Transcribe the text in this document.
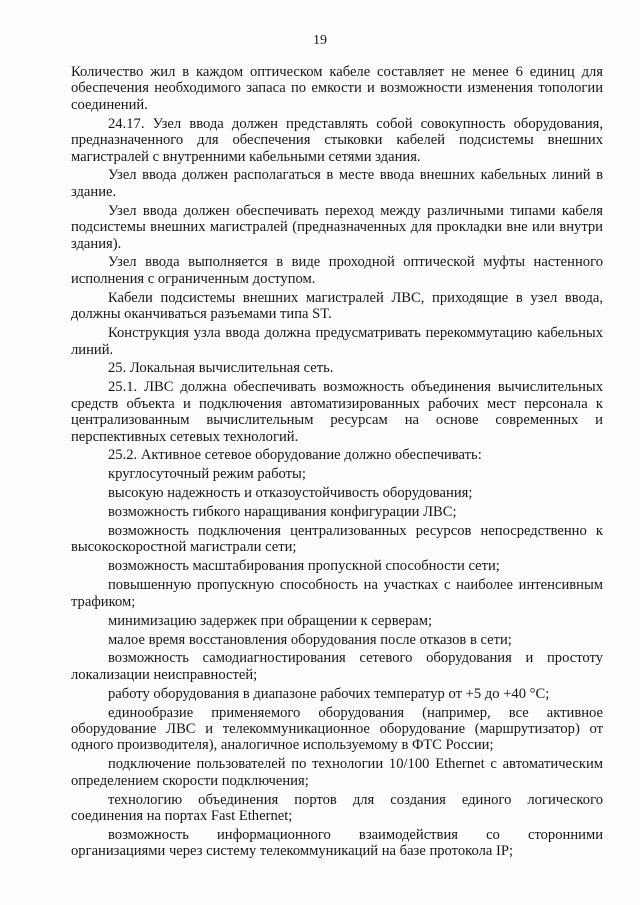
19

Количество жил в каждом оптическом кабеле составляет не менее 6 единиц для обеспечения необходимого запаса по емкости и возможности изменения топологии соединений.

24.17. Узел ввода должен представлять собой совокупность оборудования, предназначенного для обеспечения стыковки кабелей подсистемы внешних магистралей с внутренними кабельными сетями здания.

Узел ввода должен располагаться в месте ввода внешних кабельных линий в здание.

Узел ввода должен обеспечивать переход между различными типами кабеля подсистемы внешних магистралей (предназначенных для прокладки вне или внутри здания).

Узел ввода выполняется в виде проходной оптической муфты настенного исполнения с ограниченным доступом.

Кабели подсистемы внешних магистралей ЛВС, приходящие в узел ввода, должны оканчиваться разъемами типа ST.

Конструкция узла ввода должна предусматривать перекоммутацию кабельных линий.

25. Локальная вычислительная сеть.

25.1. ЛВС должна обеспечивать возможность объединения вычислительных средств объекта и подключения автоматизированных рабочих мест персонала к централизованным вычислительным ресурсам на основе современных и перспективных сетевых технологий.

25.2. Активное сетевое оборудование должно обеспечивать:

круглосуточный режим работы;

высокую надежность и отказоустойчивость оборудования;

возможность гибкого наращивания конфигурации ЛВС;

возможность подключения централизованных ресурсов непосредственно к высокоскоростной магистрали сети;

возможность масштабирования пропускной способности сети;

повышенную пропускную способность на участках с наиболее интенсивным трафиком;

минимизацию задержек при обращении к серверам;

малое время восстановления оборудования после отказов в сети;

возможность самодиагностирования сетевого оборудования и простоту локализации неисправностей;

работу оборудования в диапазоне рабочих температур от +5 до +40 °С;

единообразие применяемого оборудования (например, все активное оборудование ЛВС и телекоммуникационное оборудование (маршрутизатор) от одного производителя), аналогичное используемому в ФТС России;

подключение пользователей по технологии 10/100 Ethernet с автоматическим определением скорости подключения;

технологию объединения портов для создания единого логического соединения на портах Fast Ethernet;

возможность информационного взаимодействия со сторонними организациями через систему телекоммуникаций на базе протокола IP;
